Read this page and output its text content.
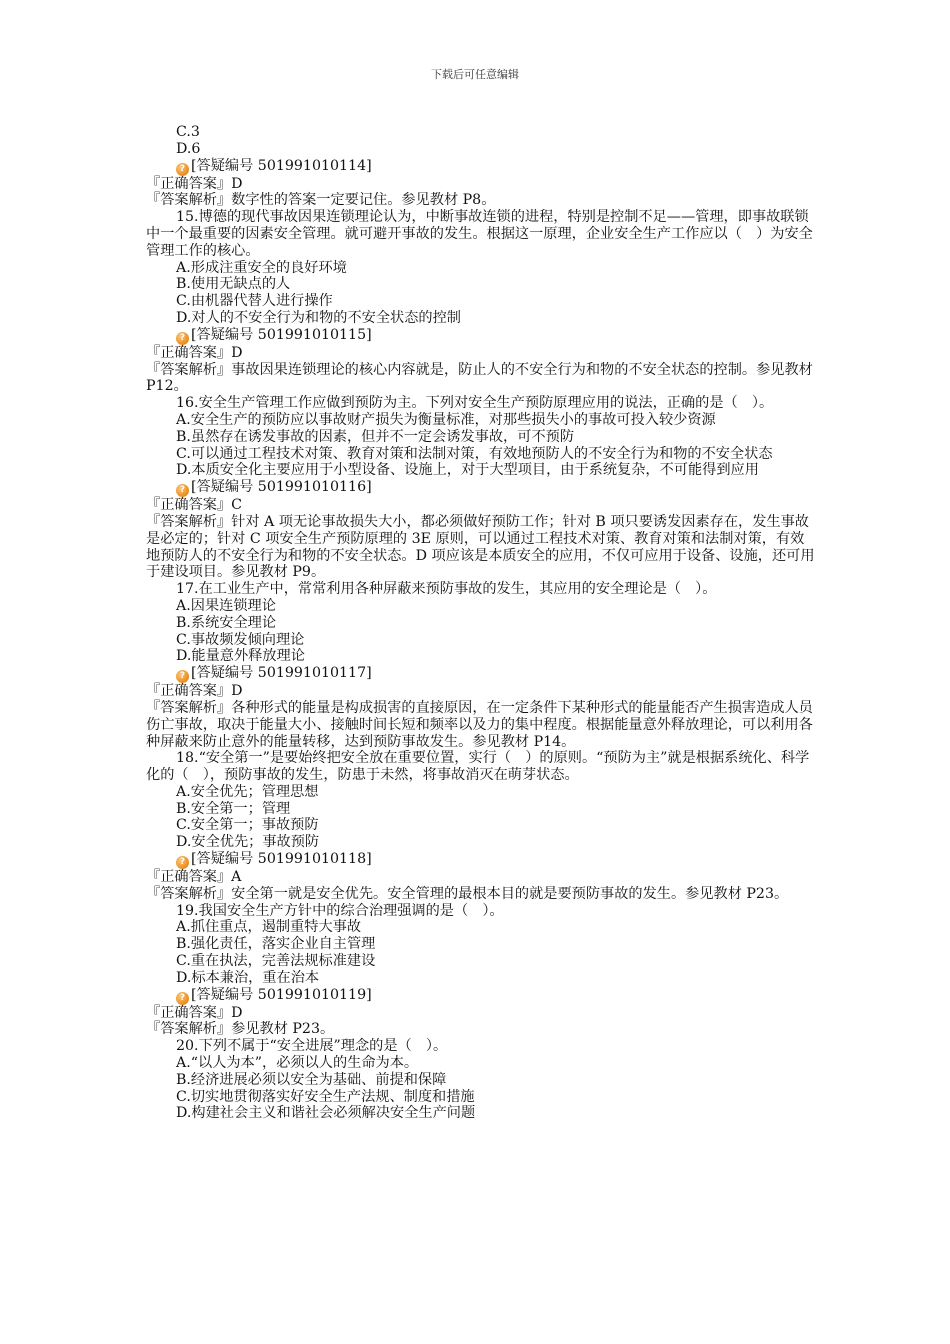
下载后可任意编辑
C.3
D.6
? [答疑编号 501991010114]
『正确答案』D
『答案解析』数字性的答案一定要记住。参见教材 P8。
15.博德的现代事故因果连锁理论认为，中断事故连锁的进程，特别是控制不足——管理，即事故联锁中一个最重要的因素安全管理。就可避开事故的发生。根据这一原理，企业安全生产工作应以（　）为安全管理工作的核心。
A.形成注重安全的良好环境
B.使用无缺点的人
C.由机器代替人进行操作
D.对人的不安全行为和物的不安全状态的控制
? [答疑编号 501991010115]
『正确答案』D
『答案解析』事故因果连锁理论的核心内容就是，防止人的不安全行为和物的不安全状态的控制。参见教材 P12。
16.安全生产管理工作应做到预防为主。下列对安全生产预防原理应用的说法，正确的是（　）。
A.安全生产的预防应以事故财产损失为衡量标准，对那些损失小的事故可投入较少资源
B.虽然存在诱发事故的因素，但并不一定会诱发事故，可不预防
C.可以通过工程技术对策、教育对策和法制对策，有效地预防人的不安全行为和物的不安全状态
D.本质安全化主要应用于小型设备、设施上，对于大型项目，由于系统复杂，不可能得到应用
? [答疑编号 501991010116]
『正确答案』C
『答案解析』针对 A 项无论事故损失大小，都必须做好预防工作；针对 B 项只要诱发因素存在，发生事故是必定的；针对 C 项安全生产预防原理的 3E 原则，可以通过工程技术对策、教育对策和法制对策，有效地预防人的不安全行为和物的不安全状态。D 项应该是本质安全的应用，不仅可应用于设备、设施，还可用于建设项目。参见教材 P9。
17.在工业生产中，常常利用各种屏蔽来预防事故的发生，其应用的安全理论是（　）。
A.因果连锁理论
B.系统安全理论
C.事故频发倾向理论
D.能量意外释放理论
? [答疑编号 501991010117]
『正确答案』D
『答案解析』各种形式的能量是构成损害的直接原因，在一定条件下某种形式的能量能否产生损害造成人员伤亡事故，取决于能量大小、接触时间长短和频率以及力的集中程度。根据能量意外释放理论，可以利用各种屏蔽来防止意外的能量转移，达到预防事故发生。参见教材 P14。
18.“安全第一”是要始终把安全放在重要位置，实行（　）的原则。“预防为主”就是根据系统化、科学化的（　），预防事故的发生，防患于未然，将事故消灭在萌芽状态。
A.安全优先；管理思想
B.安全第一；管理
C.安全第一；事故预防
D.安全优先；事故预防
? [答疑编号 501991010118]
『正确答案』A
『答案解析』安全第一就是安全优先。安全管理的最根本目的就是要预防事故的发生。参见教材 P23。
19.我国安全生产方针中的综合治理强调的是（　）。
A.抓住重点，遏制重特大事故
B.强化责任，落实企业自主管理
C.重在执法，完善法规标准建设
D.标本兼治，重在治本
? [答疑编号 501991010119]
『正确答案』D
『答案解析』参见教材 P23。
20.下列不属于“安全进展”理念的是（　）。
A.“以人为本”，必须以人的生命为本。
B.经济进展必须以安全为基础、前提和保障
C.切实地贯彻落实好安全生产法规、制度和措施
D.构建社会主义和谐社会必须解决安全生产问题
